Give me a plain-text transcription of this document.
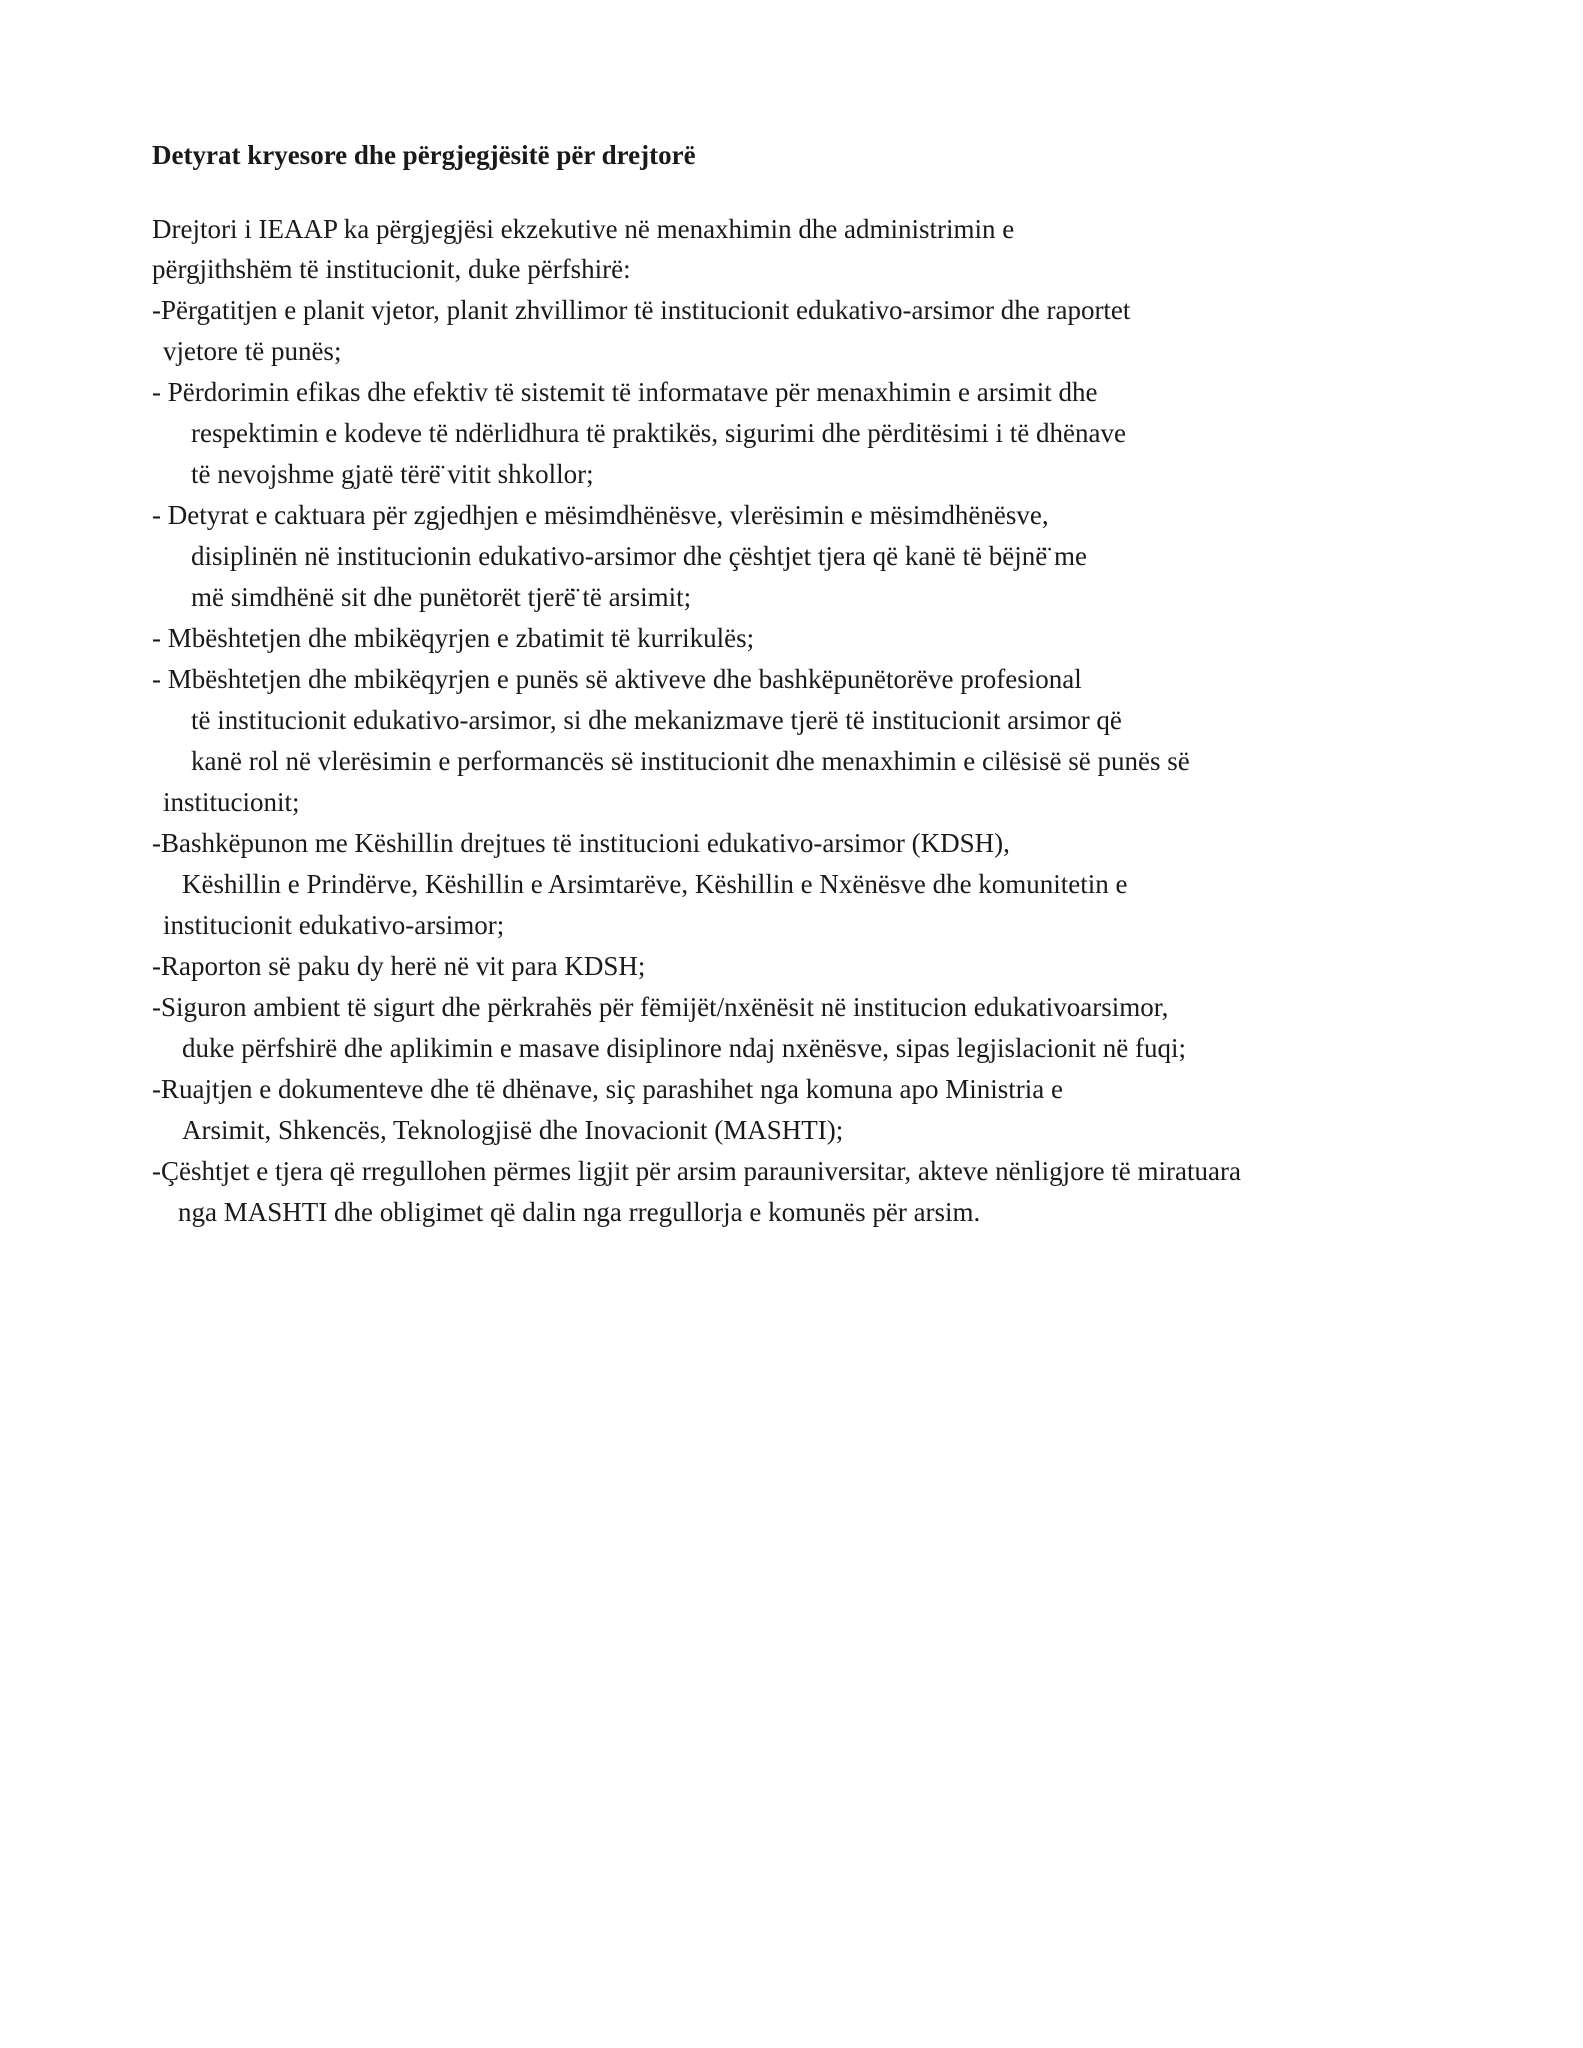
Detyrat kryesore dhe përgjegjësitë për drejtorë
Drejtori i IEAAP ka përgjegjësi ekzekutive në menaxhimin dhe administrimin e
përgjithshëm të institucionit, duke përfshirë:
-Përgatitjen e planit vjetor, planit zhvillimor të institucionit edukativo-arsimor dhe raportet
vjetore të punës;
- Përdorimin efikas dhe efektiv të sistemit të informatave për menaxhimin e arsimit dhe
respektimin e kodeve të ndërlidhura të praktikës, sigurimi dhe përditësimi i të dhënave
të nevojshme gjatë tërë̈ vitit shkollor;
- Detyrat e caktuara për zgjedhjen e mësimdhënësve, vlerësimin e mësimdhënësve,
disiplinën në institucionin edukativo-arsimor dhe çështjet tjera që kanë të bëjnë̈ me
më simdhënë sit dhe punëtorët tjerë̈ të arsimit;
- Mbështetjen dhe mbikëqyrjen e zbatimit të kurrikulës;
- Mbështetjen dhe mbikëqyrjen e punës së aktiveve dhe bashkëpunëtorëve profesional
të institucionit edukativo-arsimor, si dhe mekanizmave tjerë të institucionit arsimor që
kanë rol në vlerësimin e performancës së institucionit dhe menaxhimin e cilësisë së punës së
institucionit;
-Bashkëpunon me Këshillin drejtues të institucioni edukativo-arsimor (KDSH),
Këshillin e Prindërve, Këshillin e Arsimtarëve, Këshillin e Nxënësve dhe komunitetin e
institucionit edukativo-arsimor;
-Raporton së paku dy herë në vit para KDSH;
-Siguron ambient të sigurt dhe përkrahës për fëmijët/nxënësit në institucion edukativoarsimor,
duke përfshirë dhe aplikimin e masave disiplinore ndaj nxënësve, sipas legjislacionit në fuqi;
-Ruajtjen e dokumenteve dhe të dhënave, siç parashihet nga komuna apo Ministria e
Arsimit, Shkencës, Teknologjisë dhe Inovacionit (MASHTI);
-Çështjet e tjera që rregullohen përmes ligjit për arsim parauniversitar, akteve nënligjore të miratuara
nga MASHTI dhe obligimet që dalin nga rregullorja e komunës për arsim.
